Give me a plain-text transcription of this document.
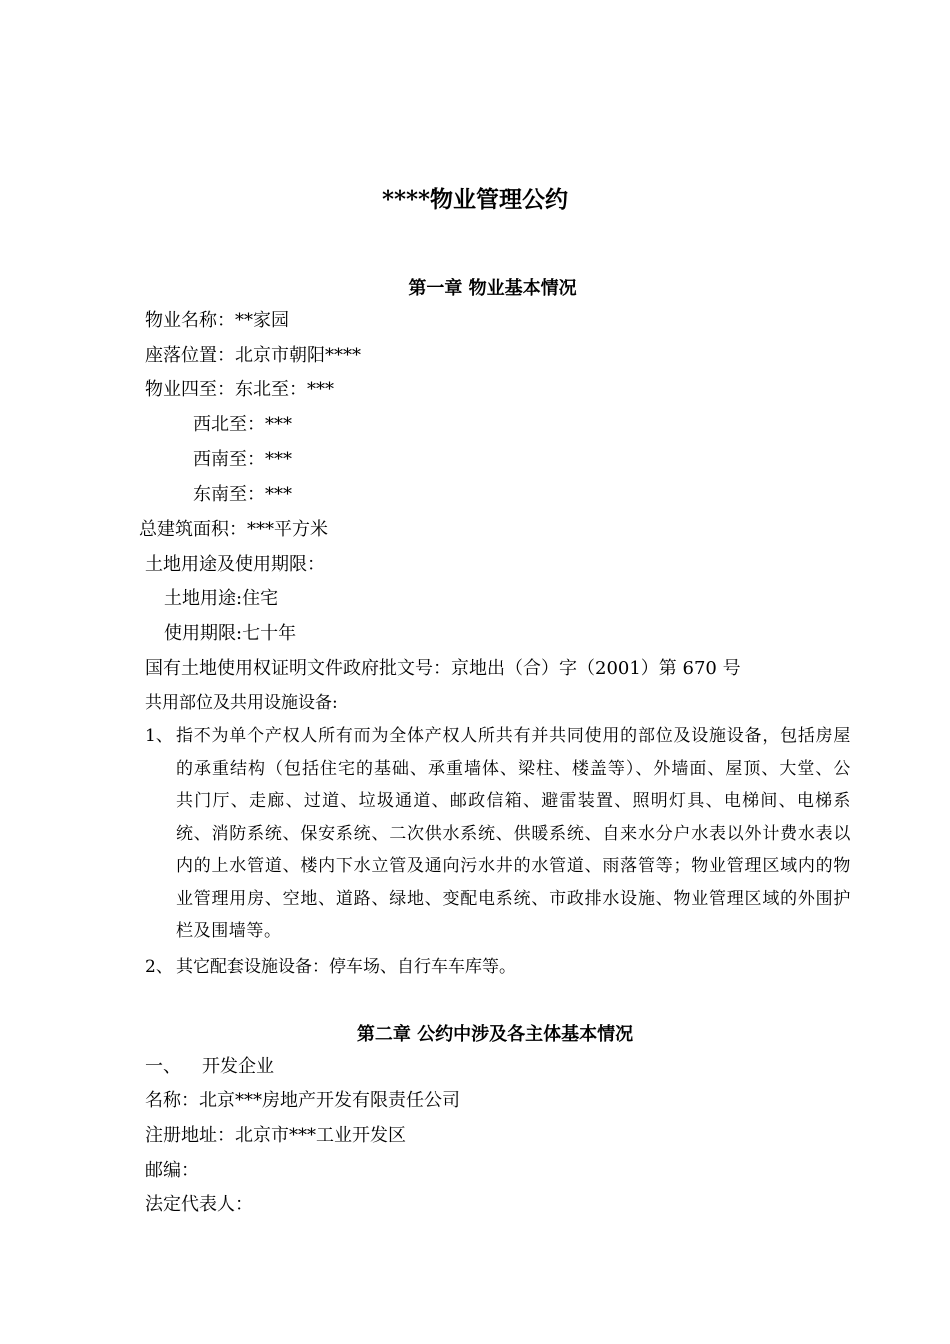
****物业管理公约
第一章 物业基本情况
物业名称：**家园
座落位置：北京市朝阳****
物业四至：东北至：***
西北至：***
西南至：***
东南至：***
总建筑面积：***平方米
土地用途及使用期限：
土地用途:住宅
使用期限:七十年
国有土地使用权证明文件政府批文号：京地出（合）字（2001）第 670 号
共用部位及共用设施设备:
1、 指不为单个产权人所有而为全体产权人所共有并共同使用的部位及设施设备，包括房屋的承重结构（包括住宅的基础、承重墙体、梁柱、楼盖等）、外墙面、屋顶、大堂、公共门厅、走廊、过道、垃圾通道、邮政信箱、避雷装置、照明灯具、电梯间、电梯系统、消防系统、保安系统、二次供水系统、供暖系统、自来水分户水表以外计费水表以内的上水管道、楼内下水立管及通向污水井的水管道、雨落管等；物业管理区域内的物业管理用房、空地、道路、绿地、变配电系统、市政排水设施、物业管理区域的外围护栏及围墙等。
2、 其它配套设施设备：停车场、自行车车库等。
第二章 公约中涉及各主体基本情况
一、 开发企业
名称：北京***房地产开发有限责任公司
注册地址：北京市***工业开发区
邮编：
法定代表人：
